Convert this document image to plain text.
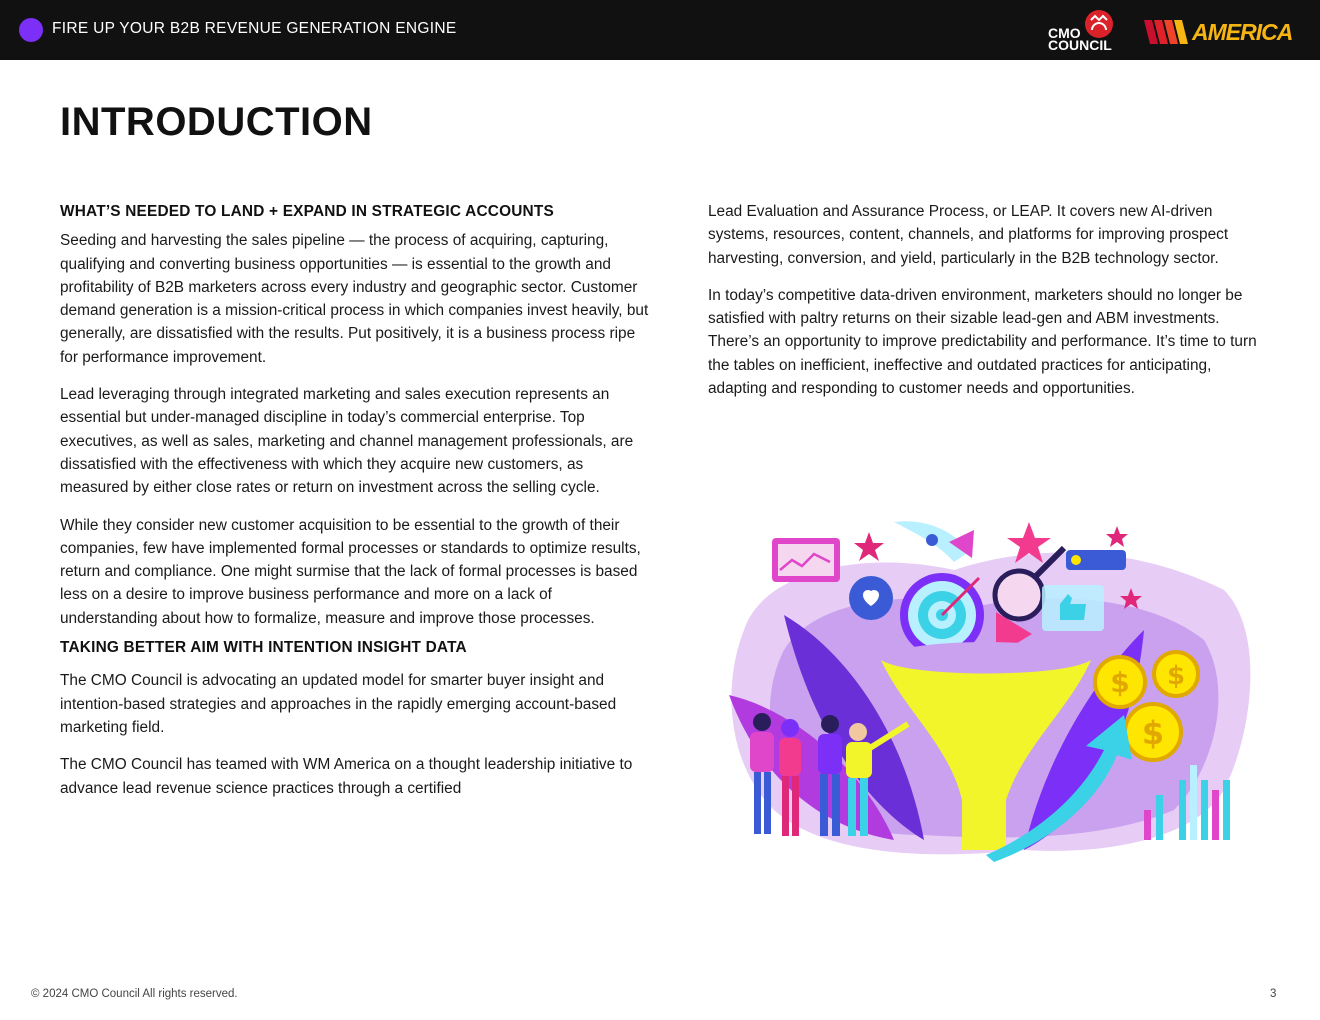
FIRE UP YOUR B2B REVENUE GENERATION ENGINE	CMO
COUNCIL	AMERICA
INTRODUCTION
WHAT’S NEEDED TO LAND + EXPAND IN STRATEGIC ACCOUNTS

Seeding and harvesting the sales pipeline — the process of acquiring, capturing, qualifying and converting business opportunities — is essential to the growth and profitability of B2B marketers across every industry and geographic sector. Customer demand generation is a mission-critical process in which companies invest heavily, but generally, are dissatisfied with the results. Put positively, it is a business process ripe for performance improvement.

Lead leveraging through integrated marketing and sales execution represents an essential but under-managed discipline in today’s commercial enterprise. Top executives, as well as sales, marketing and channel management professionals, are dissatisfied with the effectiveness with which they acquire new customers, as measured by either close rates or return on investment across the selling cycle.

While they consider new customer acquisition to be essential to the growth of their companies, few have implemented formal processes or standards to optimize results, return and compliance. One might surmise that the lack of formal processes is based less on a desire to improve business performance and more on a lack of understanding about how to formalize, measure and improve those processes.

TAKING BETTER AIM WITH INTENTION INSIGHT DATA

The CMO Council is advocating an updated model for smarter buyer insight and intention-based strategies and approaches in the rapidly emerging account-based marketing field.

The CMO Council has teamed with WM America on a thought leadership initiative to advance lead revenue science practices through a certified

Lead Evaluation and Assurance Process, or LEAP. It covers new AI-driven systems, resources, content, channels, and platforms for improving prospect harvesting, conversion, and yield, particularly in the B2B technology sector.

In today’s competitive data-driven environment, marketers should no longer be satisfied with paltry returns on their sizable lead-gen and ABM investments. There’s an opportunity to improve predictability and performance. It’s time to turn the tables on inefficient, ineffective and outdated practices for anticipating, adapting and responding to customer needs and opportunities.

$ $
$
© 2024 CMO Council All rights reserved.	3
